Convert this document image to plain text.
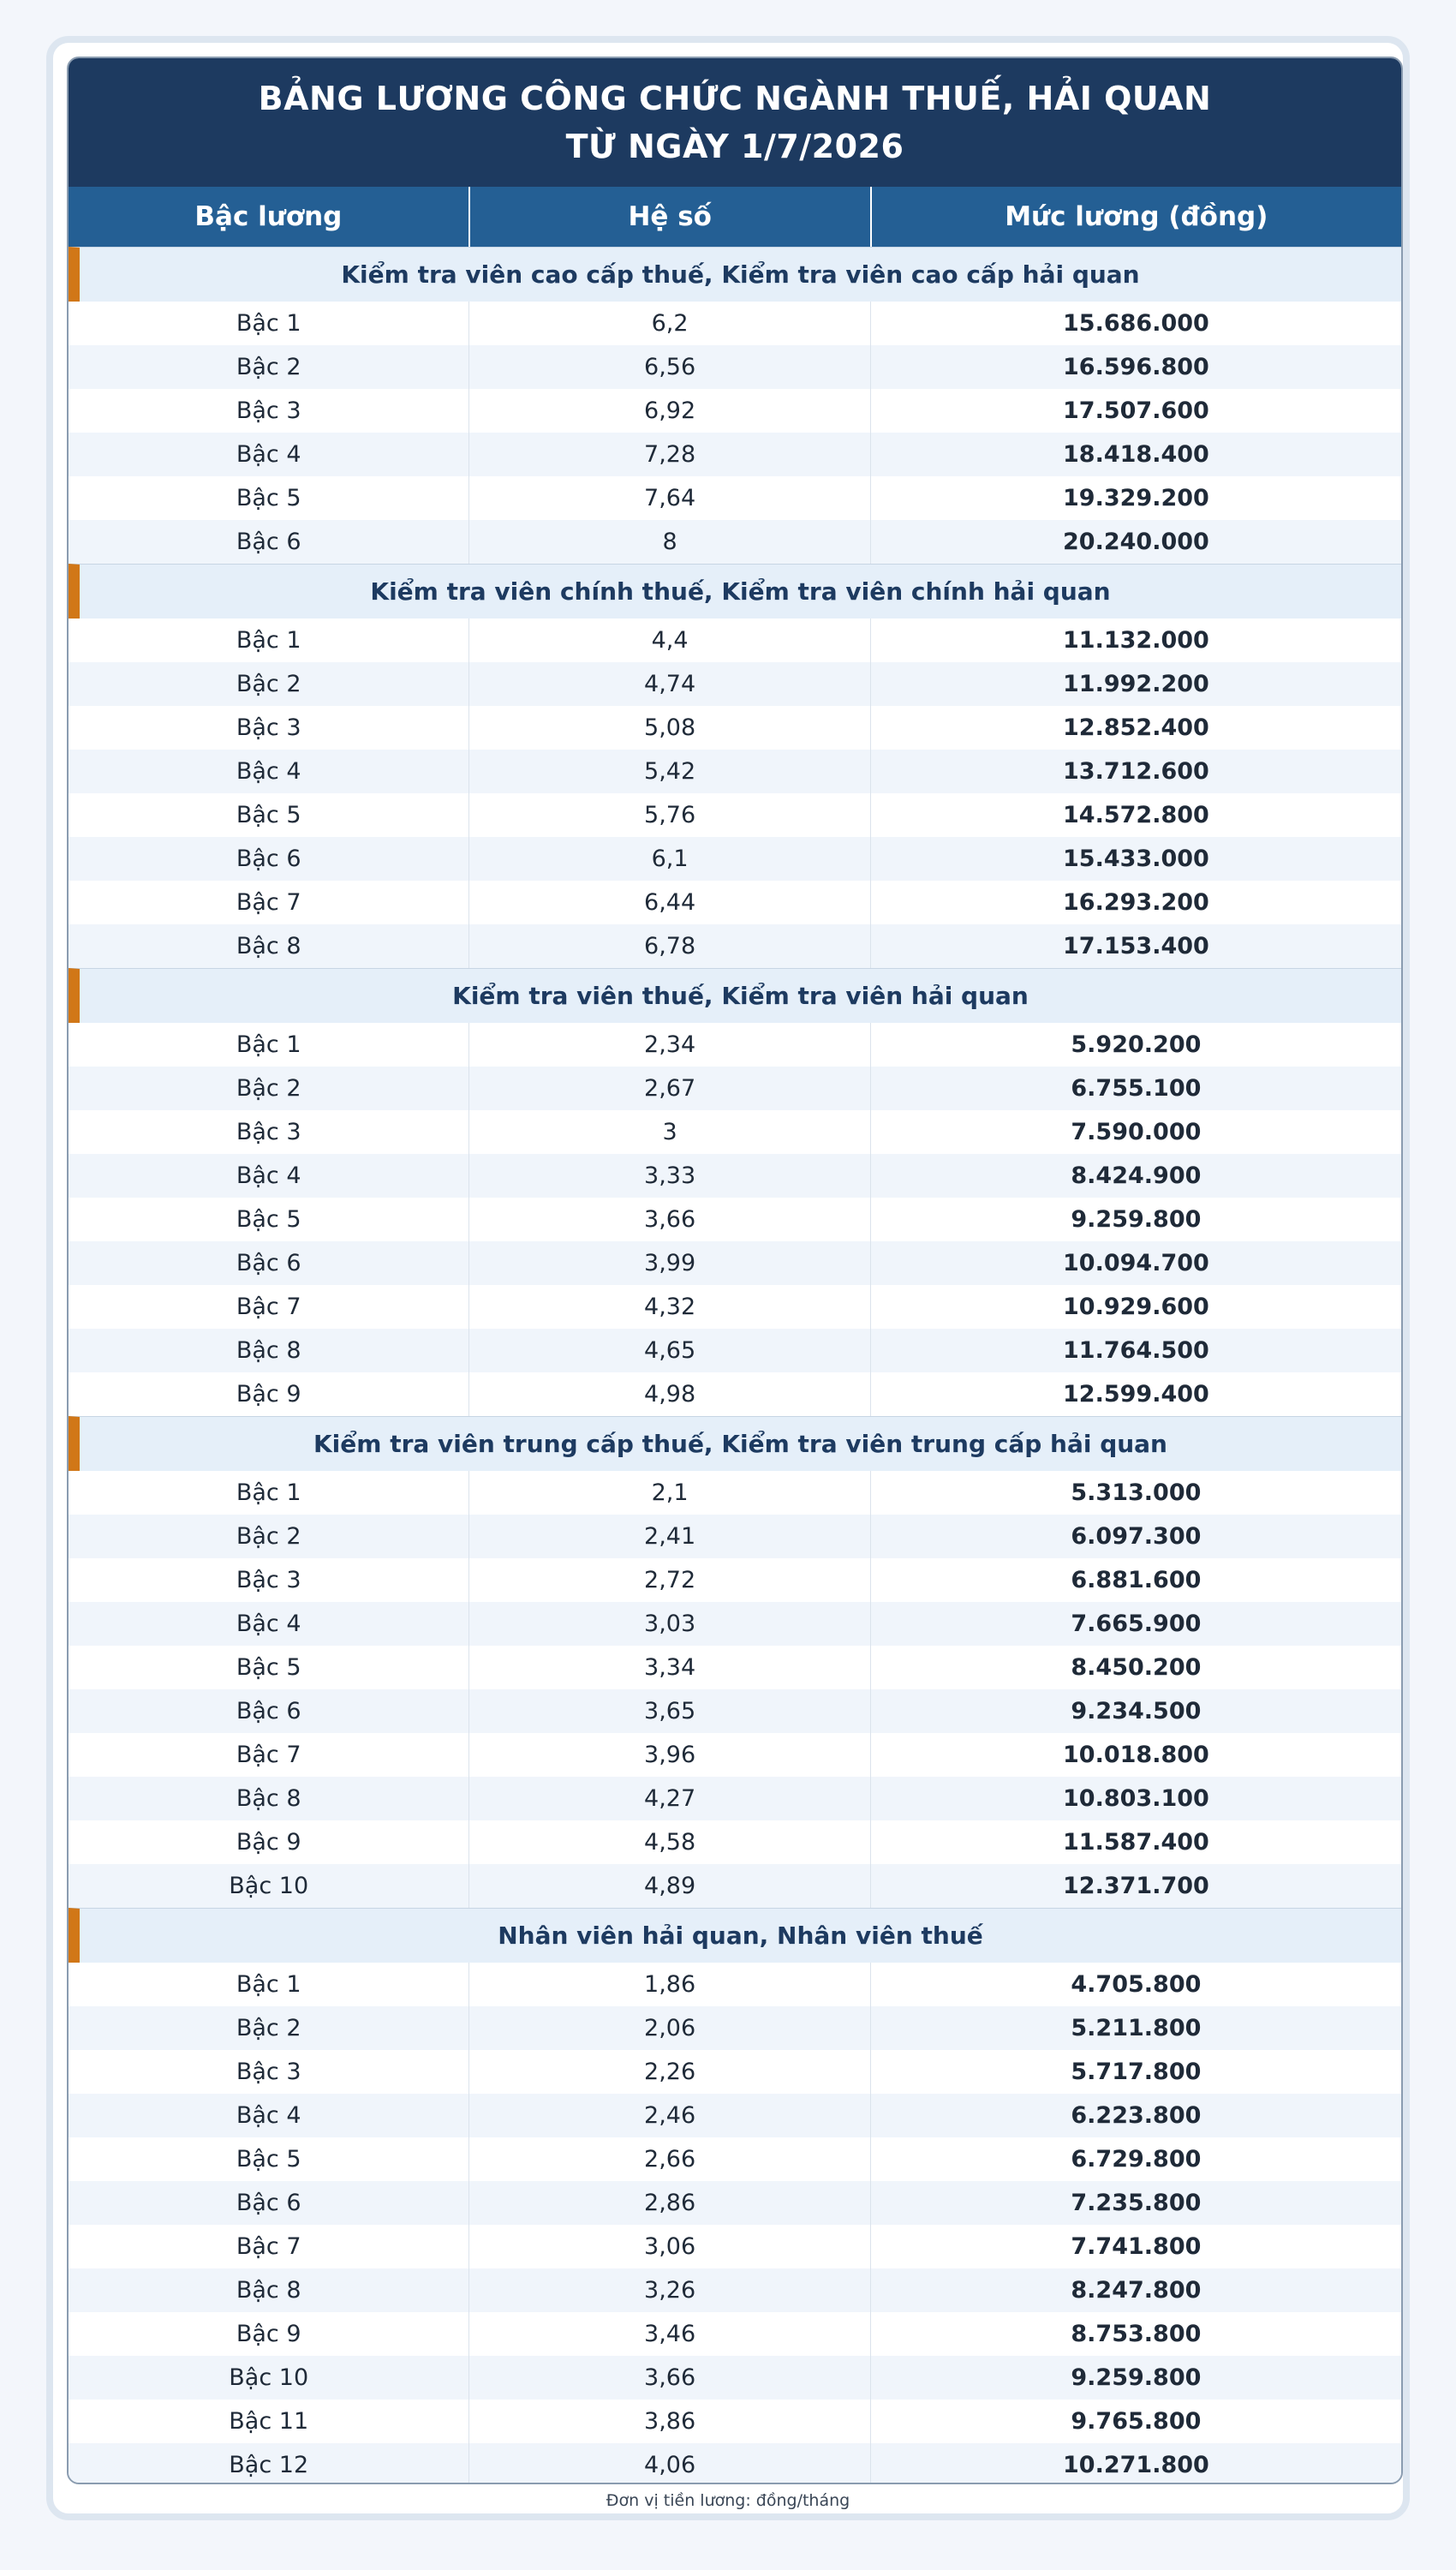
BẢNG LƯƠNG CÔNG CHỨC NGÀNH THUẾ, HẢI QUAN
TỪ NGÀY 1/7/2026
Bậc lương	Hệ số	Mức lương (đồng)
Kiểm tra viên cao cấp thuế, Kiểm tra viên cao cấp hải quan
Bậc 1	6,2	15.686.000
Bậc 2	6,56	16.596.800
Bậc 3	6,92	17.507.600
Bậc 4	7,28	18.418.400
Bậc 5	7,64	19.329.200
Bậc 6	8	20.240.000
Kiểm tra viên chính thuế, Kiểm tra viên chính hải quan
Bậc 1	4,4	11.132.000
Bậc 2	4,74	11.992.200
Bậc 3	5,08	12.852.400
Bậc 4	5,42	13.712.600
Bậc 5	5,76	14.572.800
Bậc 6	6,1	15.433.000
Bậc 7	6,44	16.293.200
Bậc 8	6,78	17.153.400
Kiểm tra viên thuế, Kiểm tra viên hải quan
Bậc 1	2,34	5.920.200
Bậc 2	2,67	6.755.100
Bậc 3	3	7.590.000
Bậc 4	3,33	8.424.900
Bậc 5	3,66	9.259.800
Bậc 6	3,99	10.094.700
Bậc 7	4,32	10.929.600
Bậc 8	4,65	11.764.500
Bậc 9	4,98	12.599.400
Kiểm tra viên trung cấp thuế, Kiểm tra viên trung cấp hải quan
Bậc 1	2,1	5.313.000
Bậc 2	2,41	6.097.300
Bậc 3	2,72	6.881.600
Bậc 4	3,03	7.665.900
Bậc 5	3,34	8.450.200
Bậc 6	3,65	9.234.500
Bậc 7	3,96	10.018.800
Bậc 8	4,27	10.803.100
Bậc 9	4,58	11.587.400
Bậc 10	4,89	12.371.700
Nhân viên hải quan, Nhân viên thuế
Bậc 1	1,86	4.705.800
Bậc 2	2,06	5.211.800
Bậc 3	2,26	5.717.800
Bậc 4	2,46	6.223.800
Bậc 5	2,66	6.729.800
Bậc 6	2,86	7.235.800
Bậc 7	3,06	7.741.800
Bậc 8	3,26	8.247.800
Bậc 9	3,46	8.753.800
Bậc 10	3,66	9.259.800
Bậc 11	3,86	9.765.800
Bậc 12	4,06	10.271.800
Đơn vị tiền lương: đồng/tháng
